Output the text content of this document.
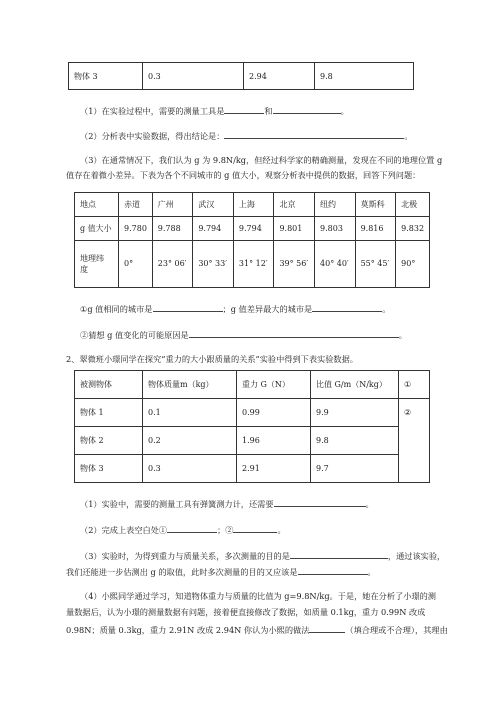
物体 3	0.3	2.94	9.8
（1）在实验过程中，需要的测量工具是	和	。
（2）分析表中实验数据，得出结论是：	。
（3）在通常情况下，我们认为 g 为 9.8N/kg，但经过科学家的精确测量，发现在不同的地理位置 g
值存在着微小差异。下表为各个不同城市的 g 值大小，观察分析表中提供的数据，回答下列问题：
地点	赤道	广州	武汉	上海	北京	纽约	莫斯科	北极
g 值大小	9.780	9.788	9.794	9.794	9.801	9.803	9.816	9.832
地理纬
度	0°	23° 06′	30° 33′	31° 12′	39° 56′	40° 40′	55° 45′	90°
①g 值相同的城市是	；g 值差异最大的城市是	。
②猜想 g 值变化的可能原因是	。
2、翠微班小璟同学在探究“重力的大小跟质量的关系”实验中得到下表实验数据。
被测物体	物体质量m（kg）	重力 G（N）	比值 G/m（N/kg）	①
物体 1	0.1	0.99	9.9	②
物体 2	0.2	1.96	9.8	
物体 3	0.3	2.91	9.7	
（1）实验中，需要的测量工具有弹簧测力计，还需要	。
（2）完成上表空白处①	；②	。
（3）实验时，为得到重力与质量关系，多次测量的目的是	，通过该实验，
我们还能进一步估测出 g 的取值，此时多次测量的目的又应该是	。
（4）小熙同学通过学习，知道物体重力与质量的比值为 g=9.8N/kg。于是，她在分析了小璟的测
量数据后，认为小璟的测量数据有问题，接着便直接修改了数据，如质量 0.1kg，重力 0.99N 改成
0.98N；质量 0.3kg，重力 2.91N 改成 2.94N 你认为小熙的做法	（填合理或不合理），其理由
